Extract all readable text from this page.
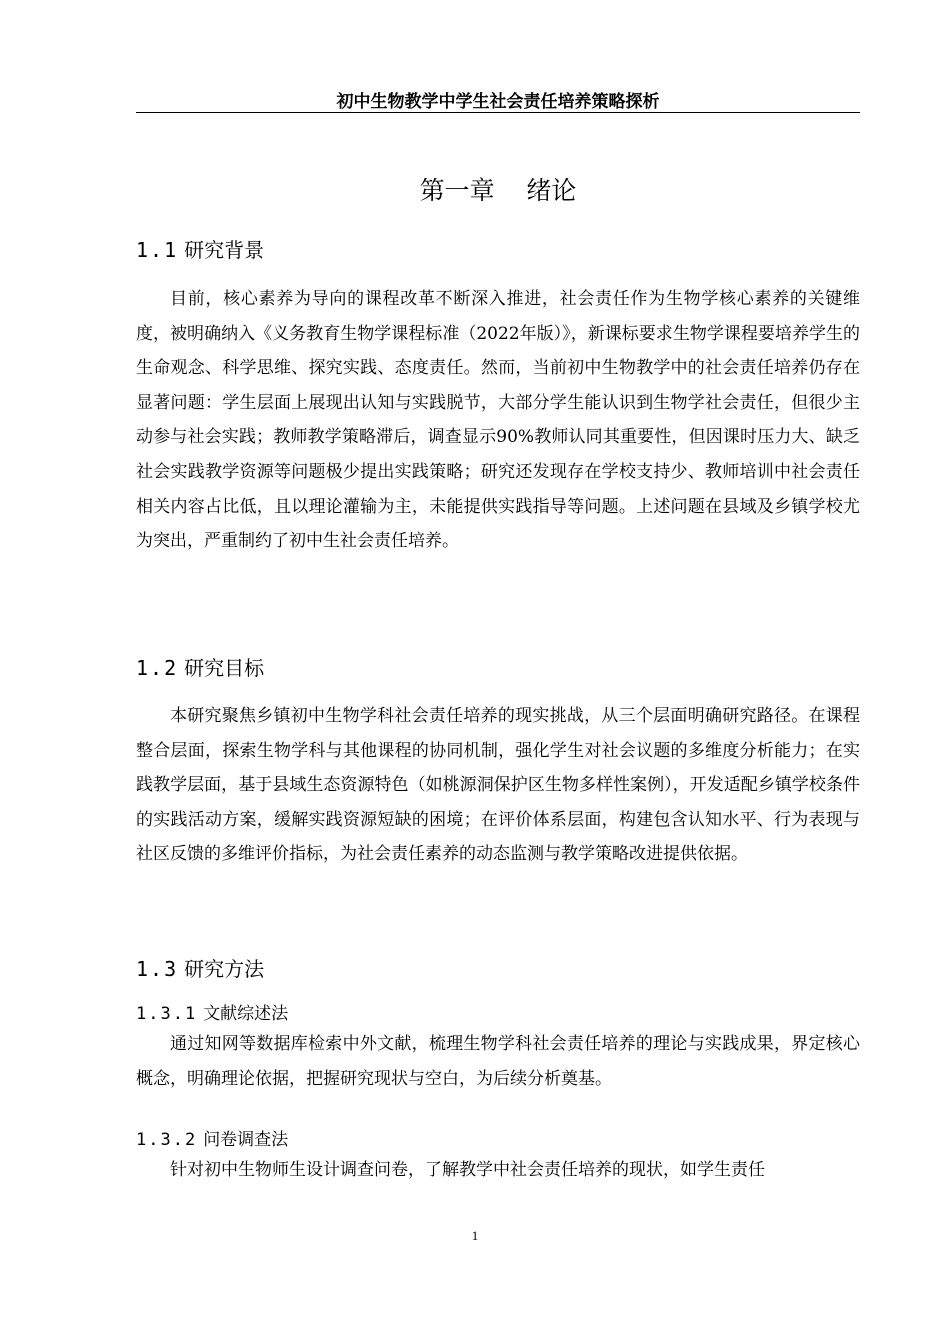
初中生物教学中学生社会责任培养策略探析
第一章    绪论
1.1 研究背景

目前，核心素养为导向的课程改革不断深入推进，社会责任作为生物学核心素养的关键维度，被明确纳入《义务教育生物学课程标准（2022年版）》，新课标要求生物学课程要培养学生的生命观念、科学思维、探究实践、态度责任。然而，当前初中生物教学中的社会责任培养仍存在显著问题：学生层面上展现出认知与实践脱节，大部分学生能认识到生物学社会责任，但很少主动参与社会实践；教师教学策略滞后，调查显示90%教师认同其重要性，但因课时压力大、缺乏社会实践教学资源等问题极少提出实践策略；研究还发现存在学校支持少、教师培训中社会责任相关内容占比低，且以理论灌输为主，未能提供实践指导等问题。上述问题在县域及乡镇学校尤为突出，严重制约了初中生社会责任培养。

1.2 研究目标

本研究聚焦乡镇初中生物学科社会责任培养的现实挑战，从三个层面明确研究路径。在课程整合层面，探索生物学科与其他课程的协同机制，强化学生对社会议题的多维度分析能力；在实践教学层面，基于县域生态资源特色（如桃源洞保护区生物多样性案例），开发适配乡镇学校条件的实践活动方案，缓解实践资源短缺的困境；在评价体系层面，构建包含认知水平、行为表现与社区反馈的多维评价指标，为社会责任素养的动态监测与教学策略改进提供依据。

1.3 研究方法
1.3.1 文献综述法

通过知网等数据库检索中外文献，梳理生物学科社会责任培养的理论与实践成果，界定核心概念，明确理论依据，把握研究现状与空白，为后续分析奠基。

1.3.2 问卷调查法

针对初中生物师生设计调查问卷，了解教学中社会责任培养的现状，如学生责任

1
